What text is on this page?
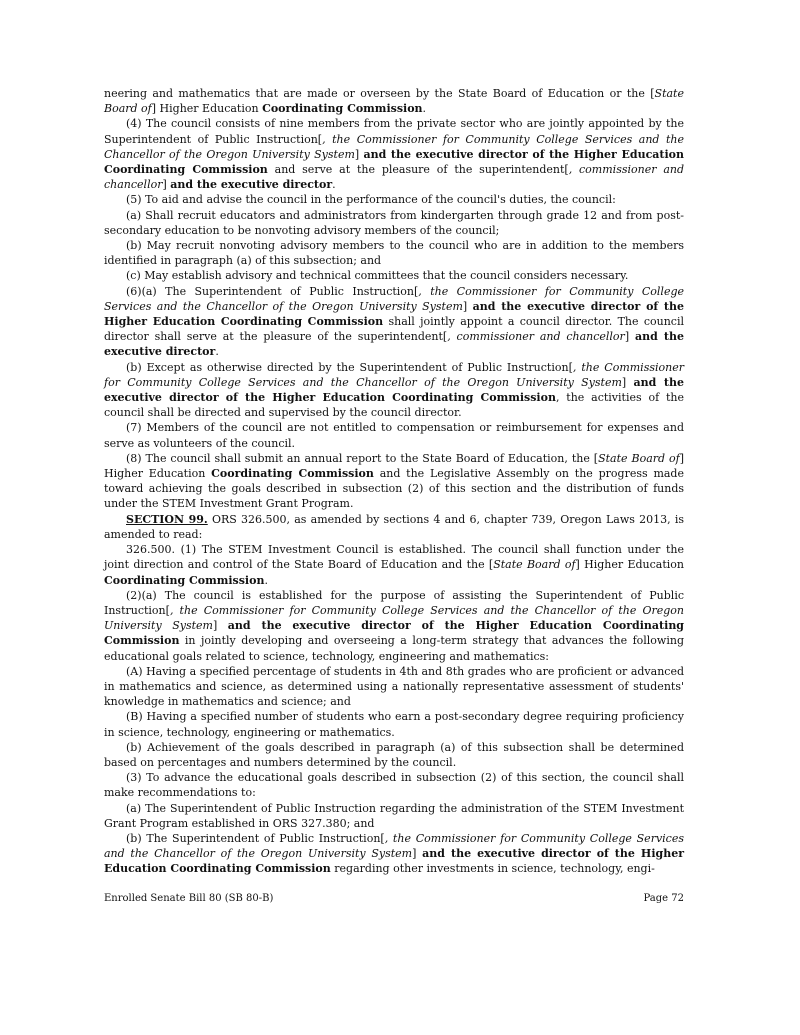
neering and mathematics that are made or overseen by the State Board of Education or the [State Board of] Higher Education Coordinating Commission.

(4) The council consists of nine members from the private sector who are jointly appointed by the Superintendent of Public Instruction[, the Commissioner for Community College Services and the Chancellor of the Oregon University System] and the executive director of the Higher Education Coordinating Commission and serve at the pleasure of the superintendent[, commissioner and chancellor] and the executive director.

(5) To aid and advise the council in the performance of the council's duties, the council:

(a) Shall recruit educators and administrators from kindergarten through grade 12 and from post-secondary education to be nonvoting advisory members of the council;

(b) May recruit nonvoting advisory members to the council who are in addition to the members identified in paragraph (a) of this subsection; and

(c) May establish advisory and technical committees that the council considers necessary.

(6)(a) The Superintendent of Public Instruction[, the Commissioner for Community College Services and the Chancellor of the Oregon University System] and the executive director of the Higher Education Coordinating Commission shall jointly appoint a council director. The council director shall serve at the pleasure of the superintendent[, commissioner and chancellor] and the executive director.

(b) Except as otherwise directed by the Superintendent of Public Instruction[, the Commissioner for Community College Services and the Chancellor of the Oregon University System] and the executive director of the Higher Education Coordinating Commission, the activities of the council shall be directed and supervised by the council director.

(7) Members of the council are not entitled to compensation or reimbursement for expenses and serve as volunteers of the council.

(8) The council shall submit an annual report to the State Board of Education, the [State Board of] Higher Education Coordinating Commission and the Legislative Assembly on the progress made toward achieving the goals described in subsection (2) of this section and the distribution of funds under the STEM Investment Grant Program.

SECTION 99. ORS 326.500, as amended by sections 4 and 6, chapter 739, Oregon Laws 2013, is amended to read:

326.500. (1) The STEM Investment Council is established. The council shall function under the joint direction and control of the State Board of Education and the [State Board of] Higher Education Coordinating Commission.

(2)(a) The council is established for the purpose of assisting the Superintendent of Public Instruction[, the Commissioner for Community College Services and the Chancellor of the Oregon University System] and the executive director of the Higher Education Coordinating Commission in jointly developing and overseeing a long-term strategy that advances the following educational goals related to science, technology, engineering and mathematics:

(A) Having a specified percentage of students in 4th and 8th grades who are proficient or advanced in mathematics and science, as determined using a nationally representative assessment of students' knowledge in mathematics and science; and

(B) Having a specified number of students who earn a post-secondary degree requiring proficiency in science, technology, engineering or mathematics.

(b) Achievement of the goals described in paragraph (a) of this subsection shall be determined based on percentages and numbers determined by the council.

(3) To advance the educational goals described in subsection (2) of this section, the council shall make recommendations to:

(a) The Superintendent of Public Instruction regarding the administration of the STEM Investment Grant Program established in ORS 327.380; and

(b) The Superintendent of Public Instruction[, the Commissioner for Community College Services and the Chancellor of the Oregon University System] and the executive director of the Higher Education Coordinating Commission regarding other investments in science, technology, engi-

Enrolled Senate Bill 80 (SB 80-B)	Page 72
